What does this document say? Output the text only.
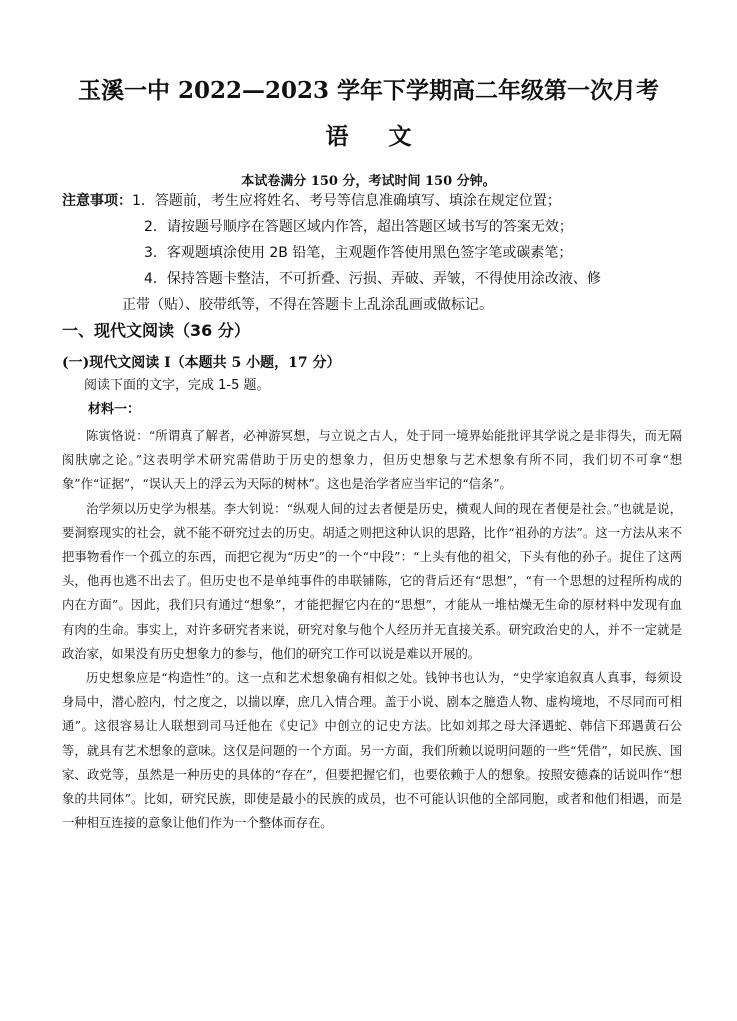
玉溪一中 2022—2023 学年下学期高二年级第一次月考
语文
本试卷满分 150 分，考试时间 150 分钟。
注意事项：1．答题前，考生应将姓名、考号等信息准确填写、填涂在规定位置；
2．请按题号顺序在答题区域内作答，超出答题区域书写的答案无效；
3．客观题填涂使用 2B 铅笔，主观题作答使用黑色签字笔或碳素笔；
4．保持答题卡整洁，不可折叠、污损、弄破、弄皱，不得使用涂改液、修
正带（贴）、胶带纸等，不得在答题卡上乱涂乱画或做标记。
一、现代文阅读（36 分）
(一)现代文阅读 I（本题共 5 小题，17 分）
阅读下面的文字，完成 1-5 题。
材料一：

陈寅恪说：“所谓真了解者，必神游冥想，与立说之古人，处于同一境界始能批评其学说之是非得失，而无隔阂肤廓之论。”这表明学术研究需借助于历史的想象力，但历史想象与艺术想象有所不同，我们切不可拿“想象”作“证据”，“误认天上的浮云为天际的树林”。这也是治学者应当牢记的“信条”。

治学须以历史学为根基。李大钊说：“纵观人间的过去者便是历史，横观人间的现在者便是社会。”也就是说，要洞察现实的社会，就不能不研究过去的历史。胡适之则把这种认识的思路，比作“祖孙的方法”。这一方法从来不把事物看作一个孤立的东西，而把它视为“历史”的一个“中段”：“上头有他的祖父，下头有他的孙子。捉住了这两头，他再也逃不出去了。但历史也不是单纯事件的串联铺陈，它的背后还有“思想”，“有一个思想的过程所构成的内在方面”。因此，我们只有通过“想象”，才能把握它内在的“思想”，才能从一堆枯燥无生命的原材料中发现有血有肉的生命。事实上，对许多研究者来说，研究对象与他个人经历并无直接关系。研究政治史的人，并不一定就是政治家，如果没有历史想象力的参与，他们的研究工作可以说是难以开展的。

历史想象应是“构造性”的。这一点和艺术想象确有相似之处。钱钟书也认为，“史学家追叙真人真事，每须设身局中，潜心腔内，忖之度之，以揣以摩，庶几入情合理。盖于小说、剧本之臆造人物、虚构境地，不尽同而可相通”。这很容易让人联想到司马迁他在《史记》中创立的记史方法。比如刘邦之母大泽遇蛇、韩信下邳遇黄石公等，就具有艺术想象的意味。这仅是问题的一个方面。另一方面，我们所赖以说明问题的一些“凭借”，如民族、国家、政党等，虽然是一种历史的具体的“存在”，但要把握它们，也要依赖于人的想象。按照安德森的话说叫作“想象的共同体”。比如，研究民族，即使是最小的民族的成员，也不可能认识他的全部同胞，或者和他们相遇，而是一种相互连接的意象让他们作为一个整体而存在。
